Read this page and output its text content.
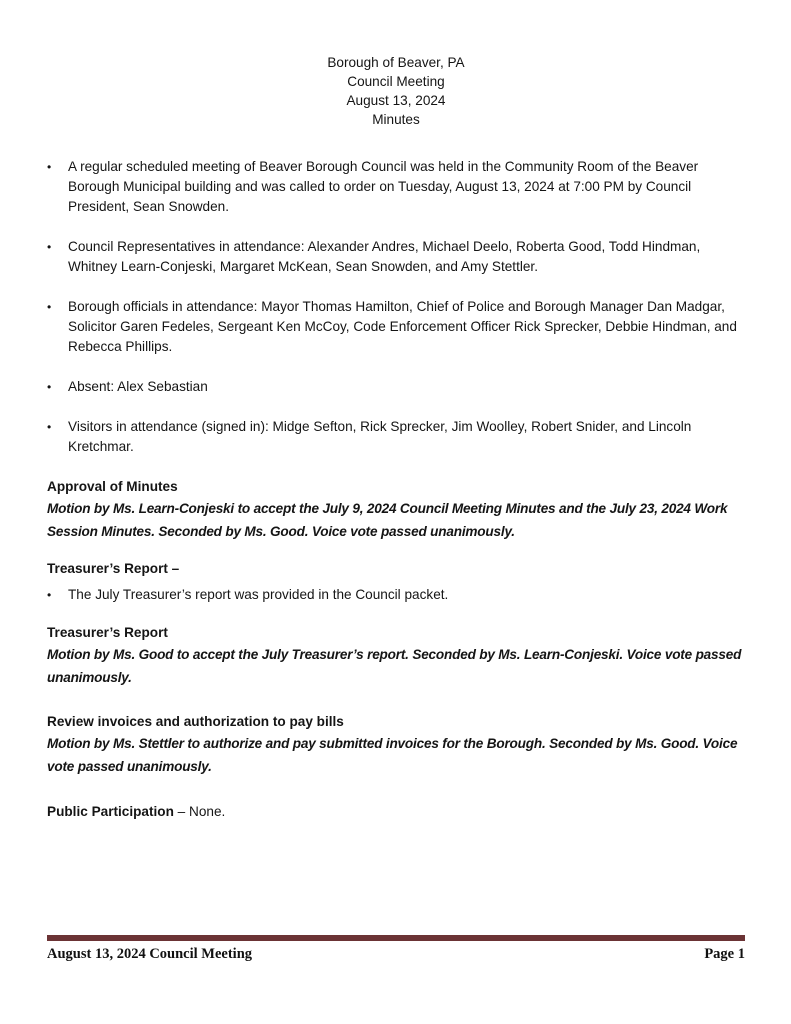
Borough of Beaver, PA
Council Meeting
August 13, 2024
Minutes
•	A regular scheduled meeting of Beaver Borough Council was held in the Community Room of the Beaver Borough Municipal building and was called to order on Tuesday, August 13, 2024 at 7:00 PM by Council President, Sean Snowden.

•	Council Representatives in attendance: Alexander Andres, Michael Deelo, Roberta Good, Todd Hindman, Whitney Learn-Conjeski, Margaret McKean, Sean Snowden, and Amy Stettler.

•	Borough officials in attendance: Mayor Thomas Hamilton, Chief of Police and Borough Manager Dan Madgar, Solicitor Garen Fedeles, Sergeant Ken McCoy, Code Enforcement Officer Rick Sprecker, Debbie Hindman, and Rebecca Phillips.

•	Absent: Alex Sebastian

•	Visitors in attendance (signed in): Midge Sefton, Rick Sprecker, Jim Woolley, Robert Snider, and Lincoln Kretchmar.

Approval of Minutes

Motion by Ms. Learn-Conjeski to accept the July 9, 2024 Council Meeting Minutes and the July 23, 2024 Work Session Minutes. Seconded by Ms. Good. Voice vote passed unanimously.

Treasurer’s Report –
•	The July Treasurer’s report was provided in the Council packet.

Treasurer’s Report

Motion by Ms. Good to accept the July Treasurer’s report. Seconded by Ms. Learn-Conjeski. Voice vote passed unanimously.

Review invoices and authorization to pay bills

Motion by Ms. Stettler to authorize and pay submitted invoices for the Borough. Seconded by Ms. Good. Voice vote passed unanimously.

Public Participation – None.
August 13, 2024 Council Meeting	Page 1
